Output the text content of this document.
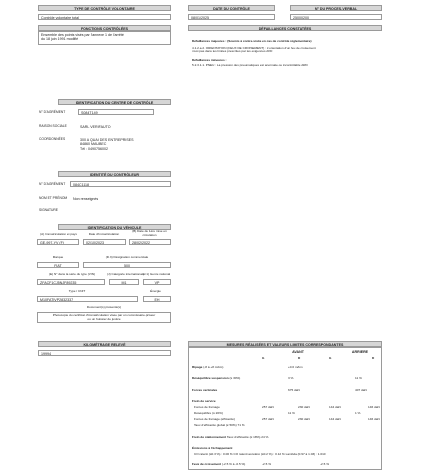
TYPE DE CONTRÔLE VOLONTAIRE	DATE DU CONTRÔLE	N° DU PROCES-VERBAL
Contrôle volontaire total	08/01/2025	25000200
FONCTIONS CONTRÔLÉES
Ensemble des points visés par l'annexe 1 de l'arrêté
du 18 juin 1991 modifié
DÉFAILLANCES CONSTATÉES
Défaillances majeures : (Soumis à contre-visite en cas de contrôle réglementaire)
4.1.2.a.2. ORIENTATION (FEUX DE CROISEMENT) : L'orientation d'un feu de croisement
n'est pas dans les limites prescrites par les exigences AVD
Défaillances mineures :
5.2.3.1.1. PNEU : La pression des pneumatiques est anormale ou incontrôlable ARD
IDENTIFICATION DU CENTRE DE CONTRÔLE
N° D'AGRÉMENT	S084T149
RAISON SOCIALE	SARL VERIFAUTO
COORDONNÉES	300 A QUAI DES ENTREPRISES
84860 MAUBEC
Tél : 0490756002
IDENTITÉ DU CONTRÔLEUR
N° D'AGRÉMENT	084C1118
NOM ET PRÉNOM Non renseignés
SIGNATURE
IDENTIFICATION DU VÉHICULE
(A) Immatriculation et pays	Date d'immatriculation
(B) Date de 1ère mise en circulation
GE-997-YV (F)	02/10/2023	28/02/2022
Marque	(D.3) Désignation commerciale
FIAT	500
(E) N° dans la série du type (VIN)	(J) Catégorie internationale
(J.1) Genre national
ZFACF1CJ5NJF89235	M1	VP
Type / CNIT	Énergie
M10FATIVP2832337	EH
Document(s) présenté(s)
Photocopie du certificat d'immatriculation visée par un commissaire-priseur
ou un huissier de justice
KILOMÉTRAGE RELEVÉ
19994
MESURES RÉALISÉES ET VALEURS LIMITES CORRESPONDANTES
AVANT	ARRIERE
G	D	G	D
Ripage (-8 à +8 m/km)	+0.0 m/km
Déséquilibre suspension (≤ 30%)	3 %	11 %
Forces verticales	675 daN	407 daN
Frein de service
Forces de freinage	257 daN	230 daN	144 daN	146 daN
Déséquilibre (≤ 20%)	11 %	1 %
Forces de freinage (efficacité)	257 daN	230 daN	144 daN	146 daN
Taux d'efficacité global (≥ 50%) 71 %
Frein de stationnement Taux d'efficacité (≥ 18%) 24 %
Émissions à l'échappement
CO ralenti (≤0.3 %) : 0.00 % CO ralenti accéléré (≤0.2 %) : 0.12 % Lambda (0.97 à 1.03) : 1.010
Feux de croisement (-2.5 % à -0.5 %)	-2.5 %	-2.5 %
